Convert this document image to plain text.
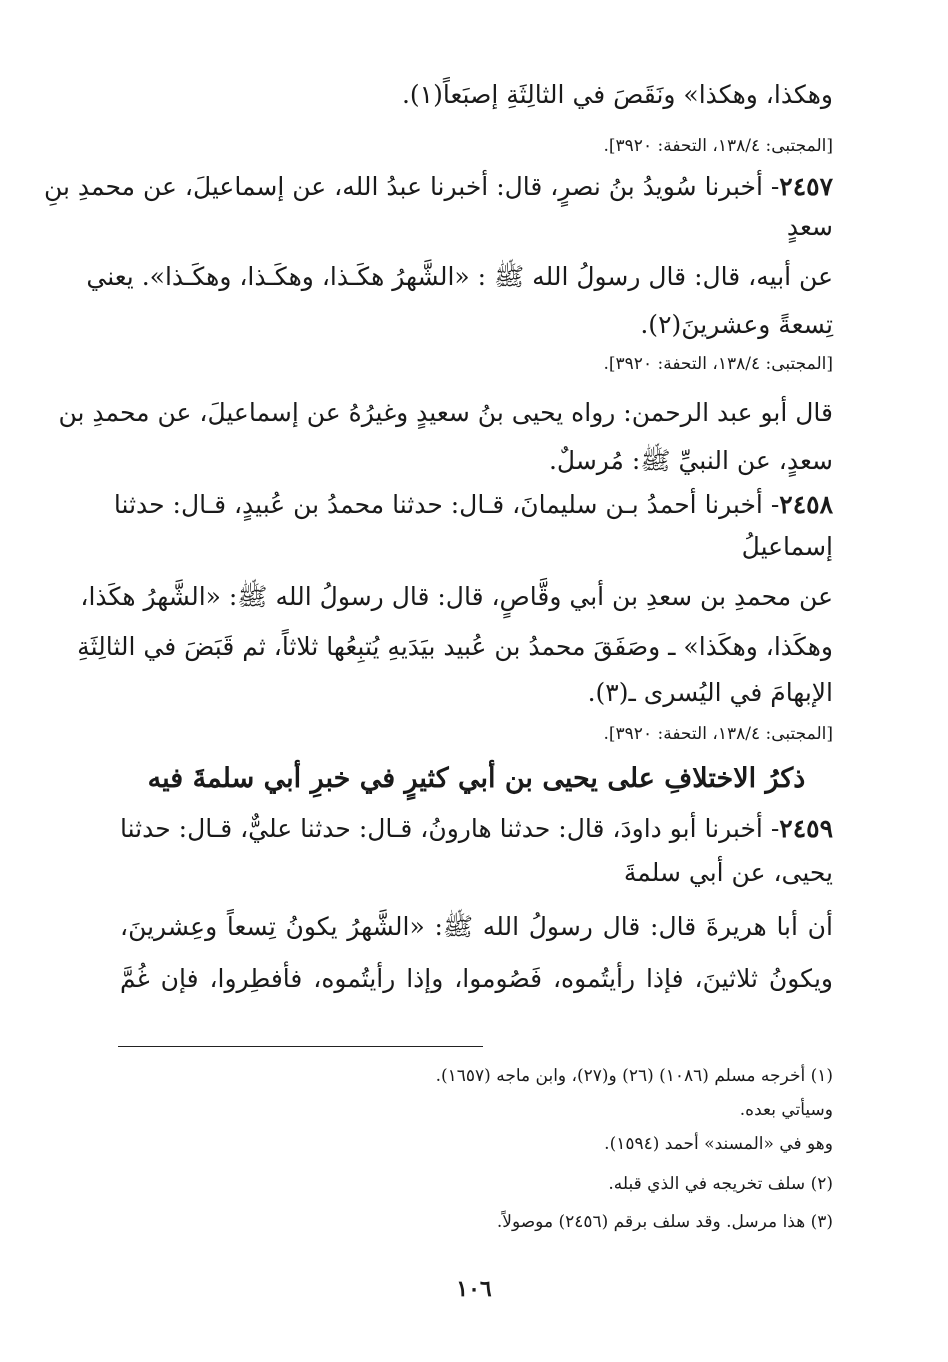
وهكذا، وهكذا» ونَقَصَ في الثالِثَةِ إصبَعاً(١).
[المجتبى: ١٣٨/٤، التحفة: ٣٩٢٠].
٢٤٥٧- أخبرنا سُويدُ بنُ نصرٍ، قال: أخبرنا عبدُ الله، عن إسماعيلَ، عن محمدِ بنِ
سعدٍ
عن أبيه، قال: قال رسولُ الله ﷺ : «الشَّهرُ هكَـذا، وهكَـذا، وهكَـذا». يعني
تِسعةً وعشرينَ(٢).
[المجتبى: ١٣٨/٤، التحفة: ٣٩٢٠].
قال أبو عبد الرحمن: رواه يحيى بنُ سعيدٍ وغيرُهُ عن إسماعيلَ، عن محمدِ بن
سعدٍ، عن النبيِّ ﷺ: مُرسلٌ.
٢٤٥٨- أخبرنا أحمدُ بـن سليمانَ، قـال: حدثنا محمدُ بن عُبيدٍ، قـال: حدثنا
إسماعيلُ
عن محمدِ بن سعدِ بن أبي وقَّاصٍ، قال: قال رسولُ الله ﷺ: «الشَّهرُ هكَذا،
وهكَذا، وهكَذا» ـ وصَفَقَ محمدُ بن عُبيد بيَدَيهِ يُتبِعُها ثلاثاً، ثم قَبَضَ في الثالِثَةِ
الإبهامَ في اليُسرى ـ(٣).
[المجتبى: ١٣٨/٤، التحفة: ٣٩٢٠].
ذكرُ الاختلافِ على يحيى بن أبي كثيرٍ في خبرِ أبي سلمةَ فيه
٢٤٥٩- أخبرنا أبو داودَ، قال: حدثنا هارونُ، قـال: حدثنا عليٌّ، قـال: حدثنا
يحيى، عن أبي سلمةَ
أن أبا هريرةَ قال: قال رسولُ الله ﷺ: «الشَّهرُ يكونُ تِسعاً وعِشرينَ،
ويكونُ ثلاثينَ، فإذا رأيتُموه، فَصُوموا، وإذا رأيتُموه، فأفطِروا، فإن غُمَّ
(١) أخرجه مسلم (١٠٨٦) (٢٦) و(٢٧)، وابن ماجه (١٦٥٧).
وسيأتي بعده.
وهو في «المسند» أحمد (١٥٩٤).
(٢) سلف تخريجه في الذي قبله.
(٣) هذا مرسل. وقد سلف برقم (٢٤٥٦) موصولاً.
١٠٦
